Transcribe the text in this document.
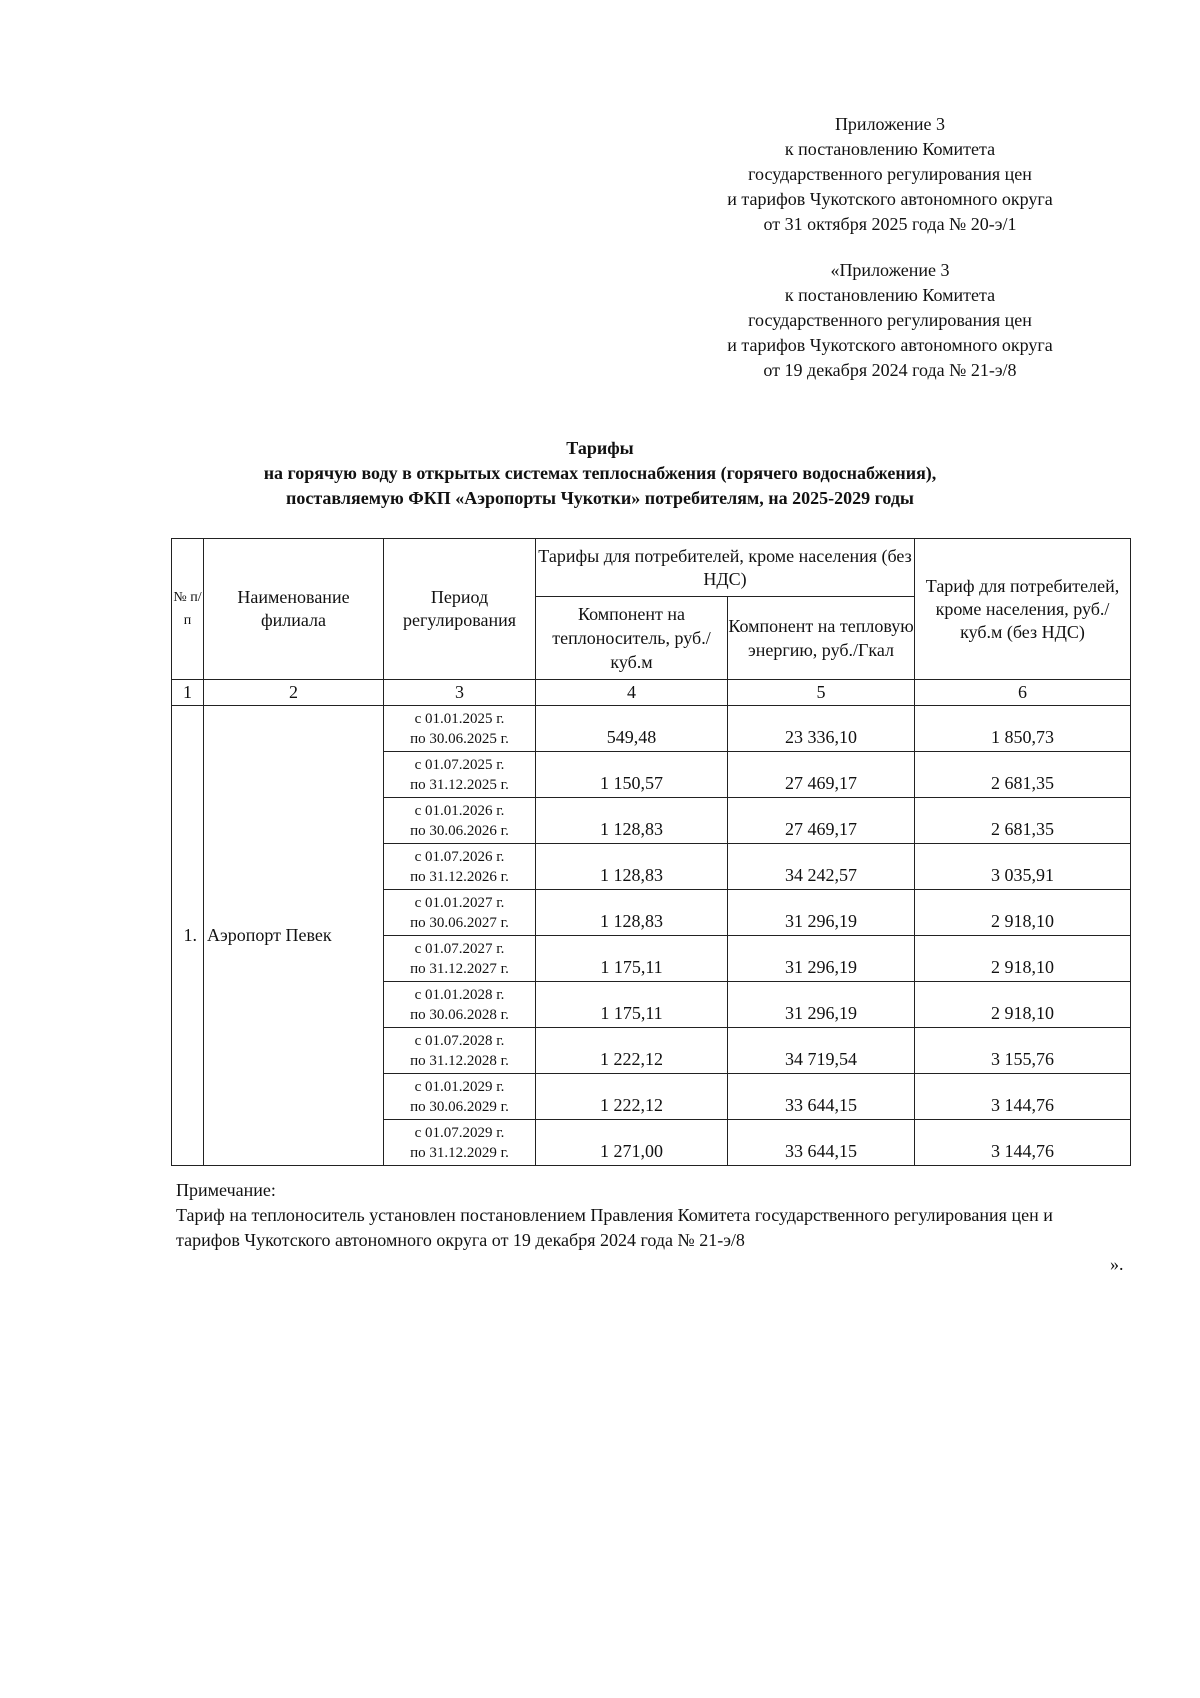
Приложение 3
к постановлению Комитета
государственного регулирования цен
и тарифов Чукотского автономного округа
от 31 октября 2025 года № 20-э/1
«Приложение 3
к постановлению Комитета
государственного регулирования цен
и тарифов Чукотского автономного округа
от 19 декабря 2024 года № 21-э/8
Тарифы
на горячую воду в открытых системах теплоснабжения (горячего водоснабжения),
поставляемую ФКП «Аэропорты Чукотки» потребителям, на 2025-2029 годы
№ п/п	Наименование филиала	Период регулирования	Тарифы для потребителей, кроме населения (без НДС)		Тариф для потребителей, кроме населения, руб./куб.м (без НДС)
			Компонент на теплоноситель, руб./куб.м	Компонент на тепловую энергию, руб./Гкал	
1	2	3	4	5	6
1.	Аэропорт Певек	с 01.01.2025 г.
по 30.06.2025 г.	549,48	23 336,10	1 850,73

		с 01.07.2025 г.
по 31.12.2025 г.	1 150,57	27 469,17	2 681,35

		с 01.01.2026 г.
по 30.06.2026 г.	1 128,83	27 469,17	2 681,35

		с 01.07.2026 г.
по 31.12.2026 г.	1 128,83	34 242,57	3 035,91

		с 01.01.2027 г.
по 30.06.2027 г.	1 128,83	31 296,19	2 918,10

		с 01.07.2027 г.
по 31.12.2027 г.	1 175,11	31 296,19	2 918,10

		с 01.01.2028 г.
по 30.06.2028 г.	1 175,11	31 296,19	2 918,10

		с 01.07.2028 г.
по 31.12.2028 г.	1 222,12	34 719,54	3 155,76

		с 01.01.2029 г.
по 30.06.2029 г.	1 222,12	33 644,15	3 144,76

		с 01.07.2029 г.
по 31.12.2029 г.	1 271,00	33 644,15	3 144,76
Примечание:
Тариф на теплоноситель установлен постановлением Правления Комитета государственного регулирования цен и тарифов Чукотского автономного округа от 19 декабря 2024 года № 21-э/8
».
